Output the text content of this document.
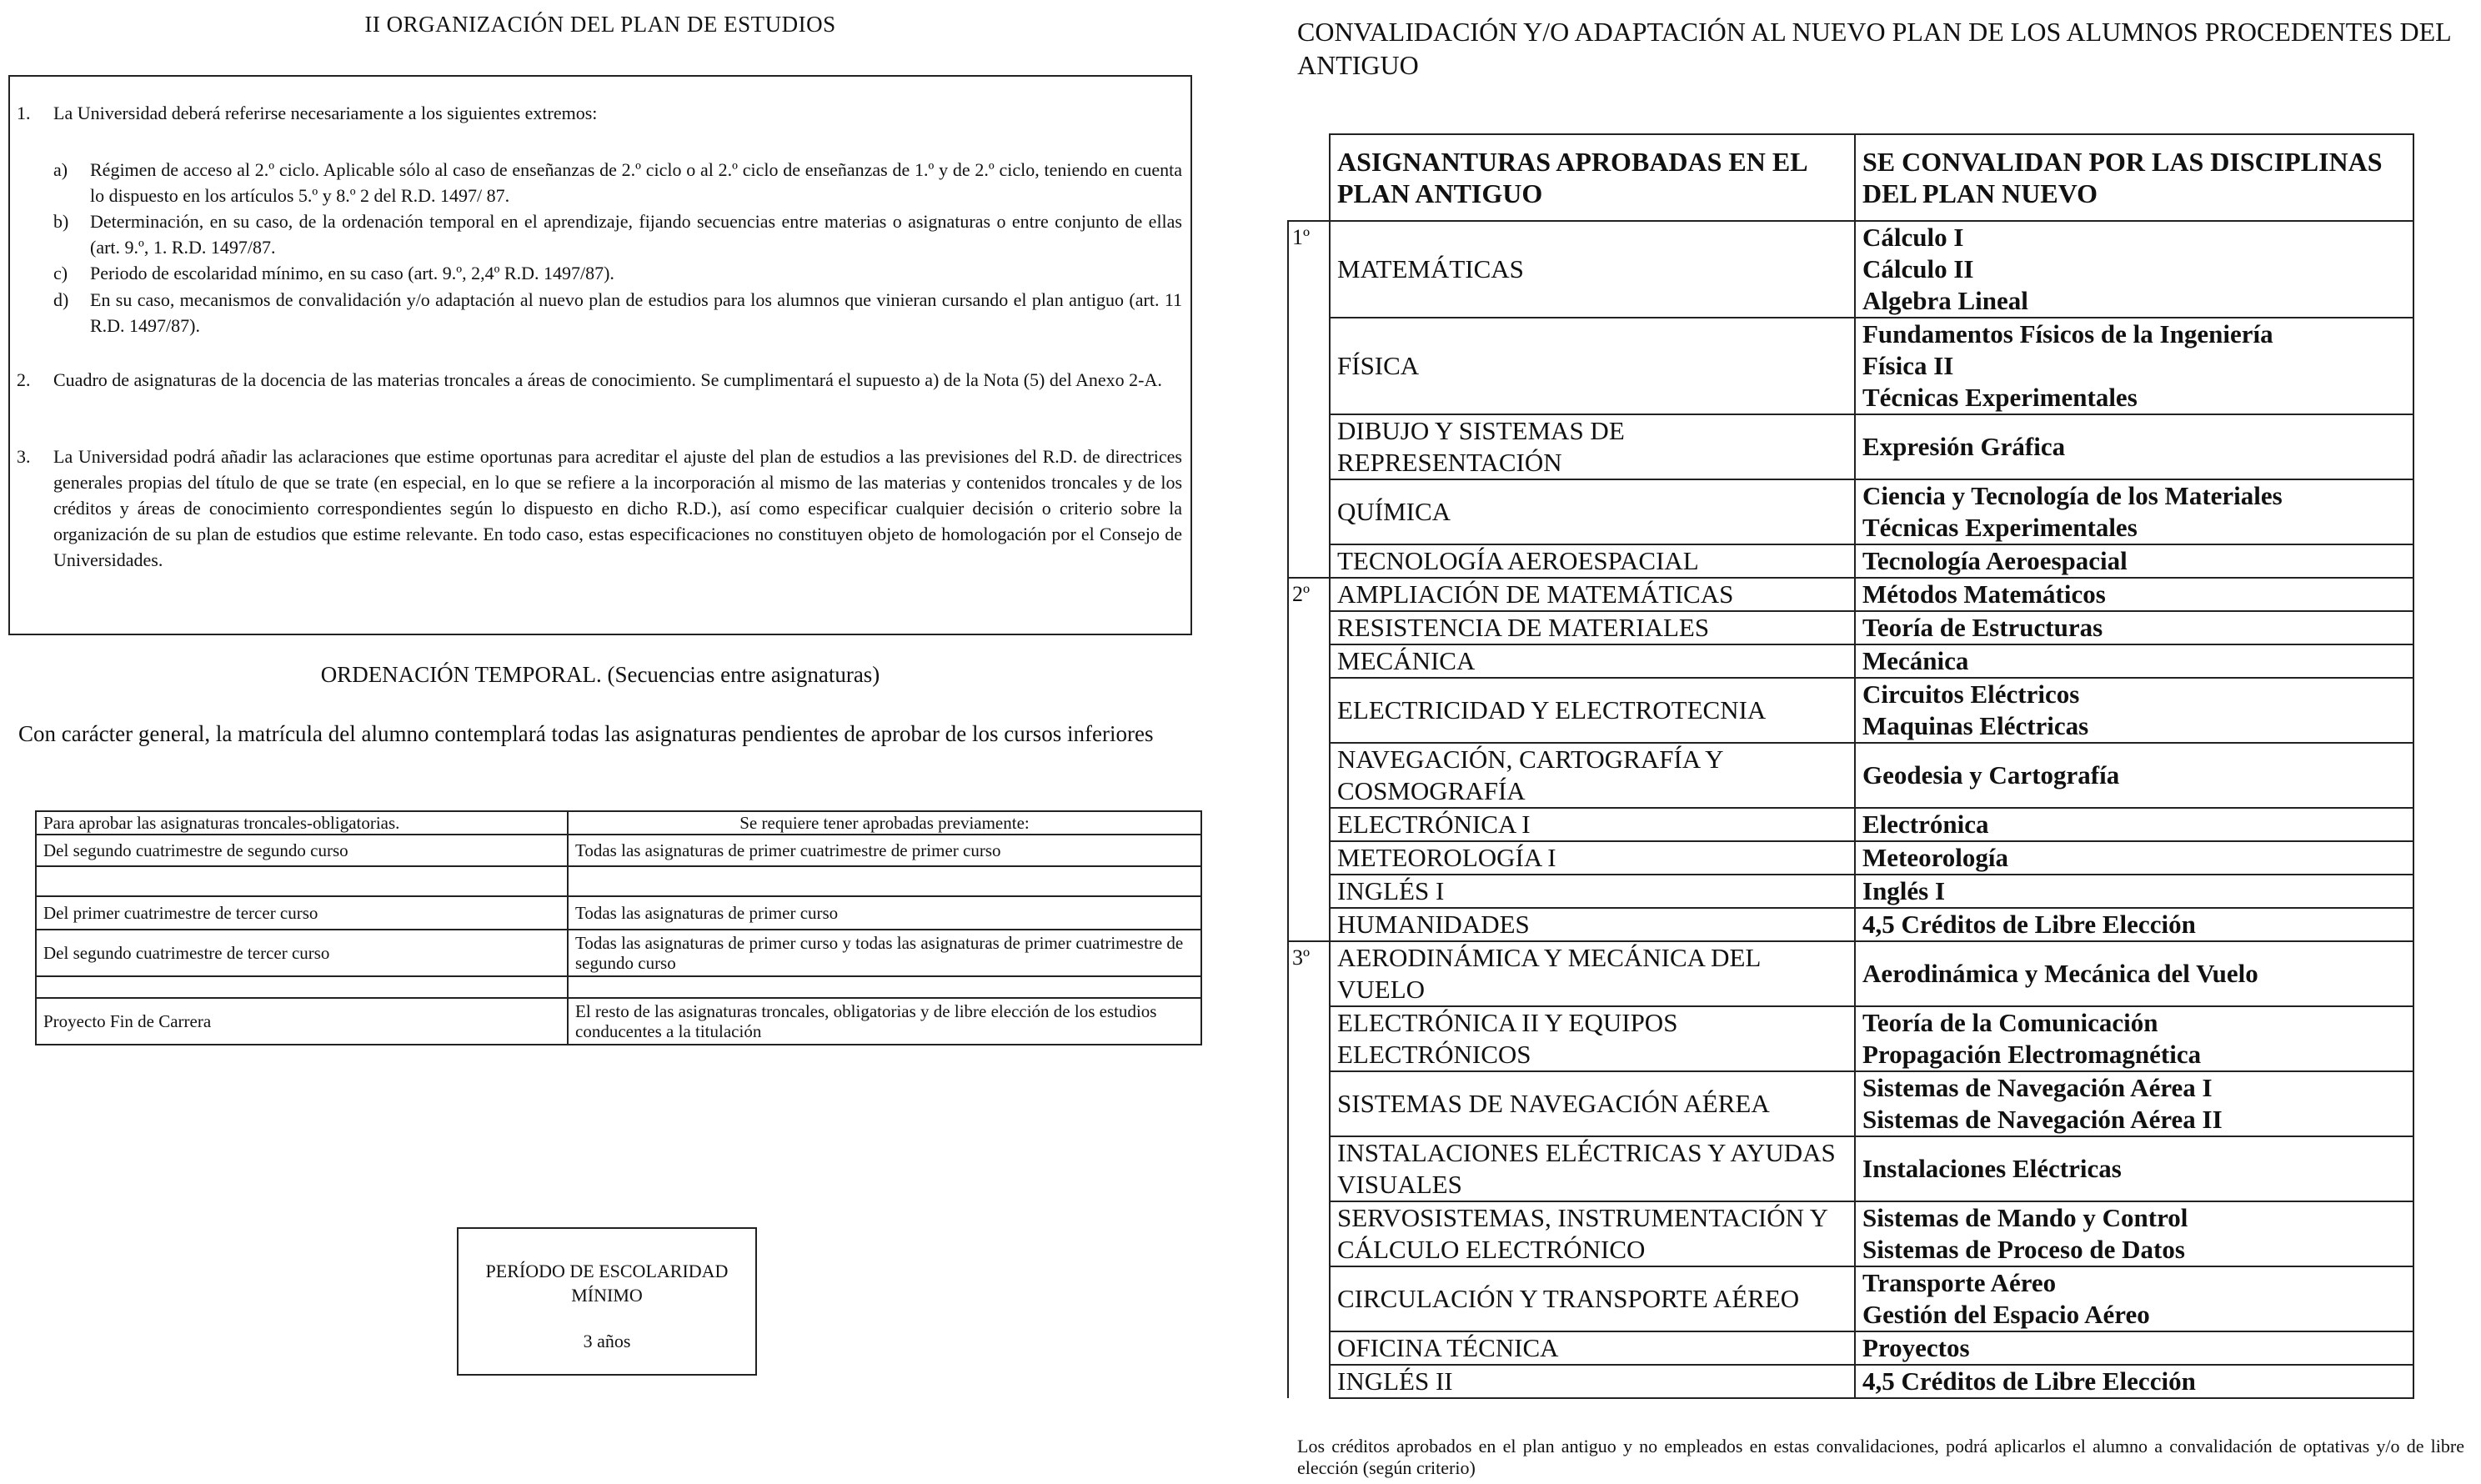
II ORGANIZACIÓN DEL PLAN DE ESTUDIOS
1. La Universidad deberá referirse necesariamente a los siguientes extremos:
a) Régimen de acceso al 2.º ciclo. Aplicable sólo al caso de enseñanzas de 2.º ciclo o al 2.º ciclo de enseñanzas de 1.º y de 2.º ciclo, teniendo en cuenta lo dispuesto en los artículos 5.º y 8.º 2 del R.D. 1497/ 87.
b) Determinación, en su caso, de la ordenación temporal en el aprendizaje, fijando secuencias entre materias o asignaturas o entre conjunto de ellas (art. 9.º, 1. R.D. 1497/87.
c) Periodo de escolaridad mínimo, en su caso (art. 9.º, 2,4º R.D. 1497/87).
d) En su caso, mecanismos de convalidación y/o adaptación al nuevo plan de estudios para los alumnos que vinieran cursando el plan antiguo (art. 11 R.D. 1497/87).
2. Cuadro de asignaturas de la docencia de las materias troncales a áreas de conocimiento. Se cumplimentará el supuesto a) de la Nota (5) del Anexo 2-A.
3. La Universidad podrá añadir las aclaraciones que estime oportunas para acreditar el ajuste del plan de estudios a las previsiones del R.D. de directrices generales propias del título de que se trate (en especial, en lo que se refiere a la incorporación al mismo de las materias y contenidos troncales y de los créditos y áreas de conocimiento correspondientes según lo dispuesto en dicho R.D.), así como especificar cualquier decisión o criterio sobre la organización de su plan de estudios que estime relevante. En todo caso, estas especificaciones no constituyen objeto de homologación por el Consejo de Universidades.
ORDENACIÓN TEMPORAL. (Secuencias entre asignaturas)
Con carácter general, la matrícula del alumno contemplará todas las asignaturas pendientes de aprobar de los cursos inferiores
Para aprobar las asignaturas troncales-obligatorias.	Se requiere tener aprobadas previamente:
Del segundo cuatrimestre de segundo curso	Todas las asignaturas de primer cuatrimestre de primer curso

Del primer cuatrimestre de tercer curso	Todas las asignaturas de primer curso
Del segundo cuatrimestre de tercer curso	Todas las asignaturas de primer curso y todas las asignaturas de primer cuatrimestre de segundo curso

Proyecto Fin de Carrera	El resto de las asignaturas troncales, obligatorias y de libre elección de los estudios conducentes a la titulación
PERÍODO DE ESCOLARIDAD
MÍNIMO
3 años
CONVALIDACIÓN Y/O ADAPTACIÓN AL NUEVO PLAN DE LOS ALUMNOS PROCEDENTES DEL ANTIGUO
	ASIGNANTURAS APROBADAS EN EL PLAN ANTIGUO	SE CONVALIDAN POR LAS DISCIPLINAS DEL PLAN NUEVO
1º	MATEMÁTICAS	Cálculo I
Cálculo II
Algebra Lineal

	FÍSICA	Fundamentos Físicos de la Ingeniería
Física II
Técnicas Experimentales

	DIBUJO Y SISTEMAS DE REPRESENTACIÓN	Expresión Gráfica

	QUÍMICA	Ciencia y Tecnología de los Materiales
Técnicas Experimentales

	TECNOLOGÍA AEROESPACIAL	Tecnología Aeroespacial

2º	AMPLIACIÓN DE MATEMÁTICAS	Métodos Matemáticos

	RESISTENCIA DE MATERIALES	Teoría de Estructuras

	MECÁNICA	Mecánica

	ELECTRICIDAD Y ELECTROTECNIA	Circuitos Eléctricos
Maquinas Eléctricas

	NAVEGACIÓN, CARTOGRAFÍA Y COSMOGRAFÍA	Geodesia y Cartografía

	ELECTRÓNICA I	Electrónica

	METEOROLOGÍA I	Meteorología

	INGLÉS I	Inglés I

	HUMANIDADES	4,5 Créditos de Libre Elección

3º	AERODINÁMICA Y MECÁNICA DEL VUELO	Aerodinámica y Mecánica del Vuelo

	ELECTRÓNICA II Y EQUIPOS ELECTRÓNICOS	Teoría de la Comunicación
Propagación Electromagnética

	SISTEMAS DE NAVEGACIÓN AÉREA	Sistemas de Navegación Aérea I
Sistemas de Navegación Aérea II

	INSTALACIONES ELÉCTRICAS Y AYUDAS VISUALES	Instalaciones Eléctricas

	SERVOSISTEMAS, INSTRUMENTACIÓN Y CÁLCULO ELECTRÓNICO	Sistemas de Mando y Control
Sistemas de Proceso de Datos

	CIRCULACIÓN Y TRANSPORTE AÉREO	Transporte Aéreo
Gestión del Espacio Aéreo

	OFICINA TÉCNICA	Proyectos

	INGLÉS II	4,5 Créditos de Libre Elección
Los créditos aprobados en el plan antiguo y no empleados en estas convalidaciones, podrá aplicarlos el alumno a convalidación de optativas y/o de libre elección (según criterio)
